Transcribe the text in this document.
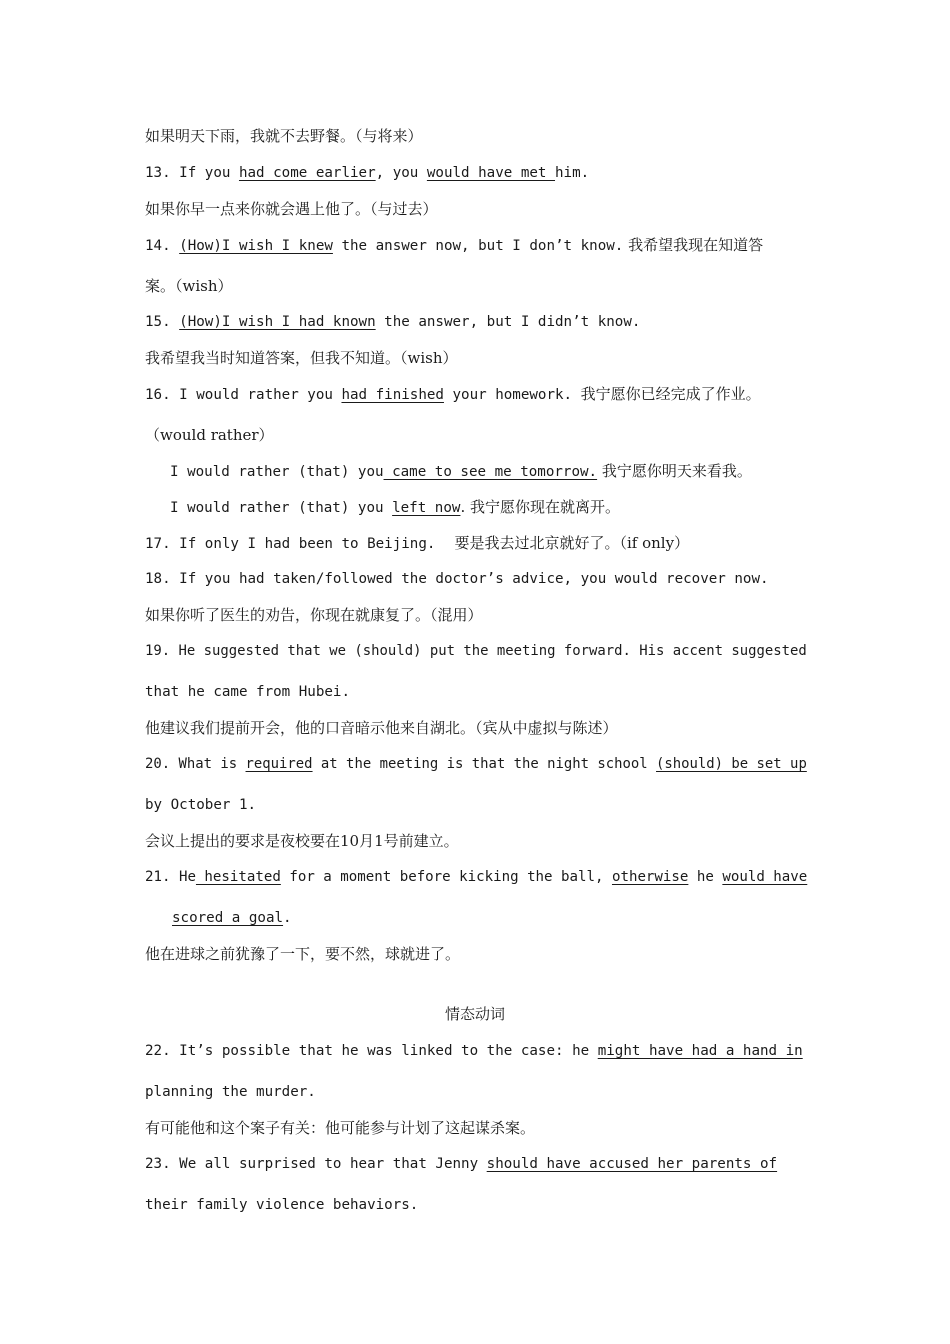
如果明天下雨，我就不去野餐。（与将来）
13. If you had come earlier, you would have met him.
如果你早一点来你就会遇上他了。（与过去）
14. (How)I wish I knew the answer now, but I don’t know. 我希望我现在知道答
案。（wish）
15. (How)I wish I had known the answer, but I didn’t know.
我希望我当时知道答案，但我不知道。（wish）
16. I would rather you had finished your homework. 我宁愿你已经完成了作业。
（would rather）
I would rather (that) you came to see me tomorrow. 我宁愿你明天来看我。
I would rather (that) you left now. 我宁愿你现在就离开。
17. If only I had been to Beijing.    要是我去过北京就好了。（if only）
18. If you had taken/followed the doctor’s advice, you would recover now.
如果你听了医生的劝告，你现在就康复了。（混用）
19. He suggested that we (should) put the meeting forward. His accent suggested
that he came from Hubei.
他建议我们提前开会，他的口音暗示他来自湖北。（宾从中虚拟与陈述）
20. What is required at the meeting is that the night school (should) be set up
by October 1.
会议上提出的要求是夜校要在10月1号前建立。
21. He hesitated for a moment before kicking the ball, otherwise he would have
scored a goal.
他在进球之前犹豫了一下，要不然，球就进了。
情态动词
22. It’s possible that he was linked to the case: he might have had a hand in
planning the murder.
有可能他和这个案子有关：他可能参与计划了这起谋杀案。
23. We all surprised to hear that Jenny should have accused her parents of
their family violence behaviors.
